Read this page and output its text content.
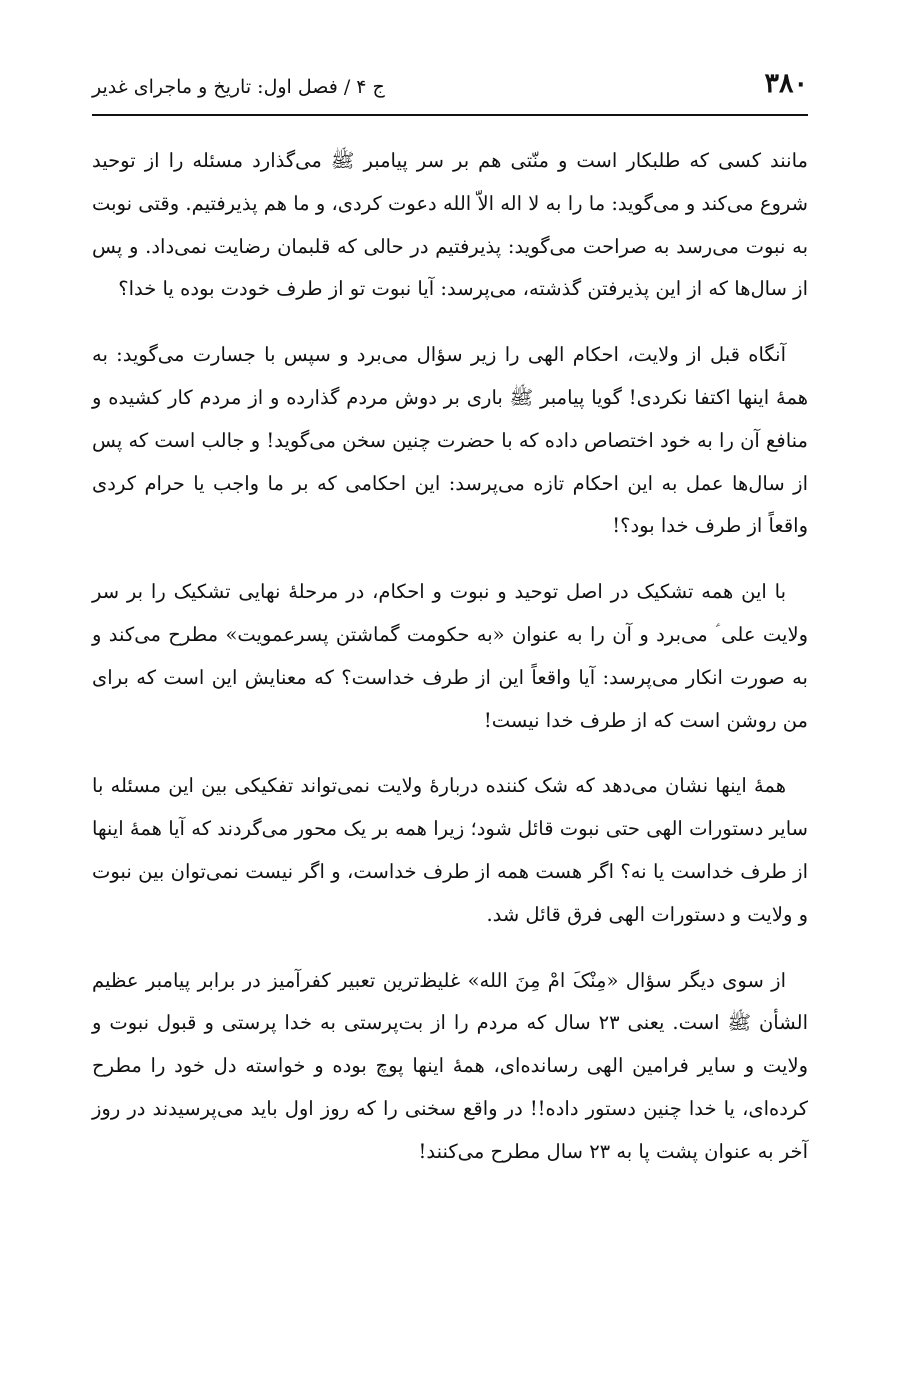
۳۸۰
ج ۴ / فصل اول: تاریخ و ماجرای غدیر

مانند کسی که طلبکار است و منّتی هم بر سر پیامبر ﷺ می‌گذارد مسئله را از توحید شروع می‌کند و می‌گوید: ما را به لا اله الاّ الله دعوت کردی، و ما هم پذیرفتیم. وقتی نوبت به نبوت می‌رسد به صراحت می‌گوید: پذیرفتیم در حالی که قلبمان رضایت نمی‌داد. و پس از سال‌ها که از این پذیرفتن گذشته، می‌پرسد: آیا نبوت تو از طرف خودت بوده یا خدا؟

آنگاه قبل از ولایت، احکام الهی را زیر سؤال می‌برد و سپس با جسارت می‌گوید: به همهٔ اینها اکتفا نکردی! گویا پیامبر ﷺ باری بر دوش مردم گذارده و از مردم کار کشیده و منافع آن را به خود اختصاص داده که با حضرت چنین سخن می‌گوید! و جالب است که پس از سال‌ها عمل به این احکام تازه می‌پرسد: این احکامی که بر ما واجب یا حرام کردی واقعاً از طرف خدا بود؟!

با این همه تشکیک در اصل توحید و نبوت و احکام، در مرحلهٔ نهایی تشکیک را بر سر ولایت علی ؑ می‌برد و آن را به عنوان «به حکومت گماشتن پسرعمویت» مطرح می‌کند و به صورت انکار می‌پرسد: آیا واقعاً این از طرف خداست؟ که معنایش این است که برای من روشن است که از طرف خدا نیست!

همهٔ اینها نشان می‌دهد که شک کننده دربارهٔ ولایت نمی‌تواند تفکیکی بین این مسئله با سایر دستورات الهی حتی نبوت قائل شود؛ زیرا همه بر یک محور می‌گردند که آیا همهٔ اینها از طرف خداست یا نه؟ اگر هست همه از طرف خداست، و اگر نیست نمی‌توان بین نبوت و ولایت و دستورات الهی فرق قائل شد.

از سوی دیگر سؤال «مِنْکَ امْ مِنَ الله» غلیظ‌ترین تعبیر کفرآمیز در برابر پیامبر عظیم الشأن ﷺ است. یعنی ۲۳ سال که مردم را از بت‌پرستی به خدا پرستی و قبول نبوت و ولایت و سایر فرامین الهی رسانده‌ای، همهٔ اینها پوچ بوده و خواسته دل خود را مطرح کرده‌ای، یا خدا چنین دستور داده!! در واقع سخنی را که روز اول باید می‌پرسیدند در روز آخر به عنوان پشت پا به ۲۳ سال مطرح می‌کنند!
